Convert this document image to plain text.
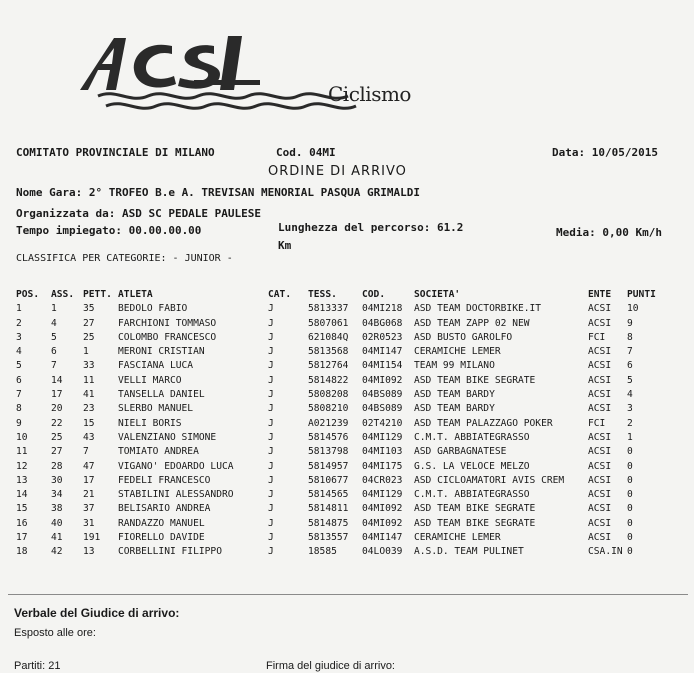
Ciclismo
COMITATO PROVINCIALE DI MILANO	Cod. 04MI	Data: 10/05/2015
ORDINE DI ARRIVO
Nome Gara: 2° TROFEO B.e A. TREVISAN MENORIAL PASQUA GRIMALDI
Organizzata da: ASD SC PEDALE PAULESE
Tempo impiegato: 00.00.00.00	Lunghezza del percorso: 61.2
Km
Media: 0,00 Km/h
CLASSIFICA PER CATEGORIE: - JUNIOR -
POS. ASS. PETT. ATLETA	CAT. TESS.	COD.	SOCIETA'	ENTE PUNTI
1	1	35 BEDOLO FABIO	J	5813337 04MI218 ASD TEAM DOCTORBIKE.IT	ACSI 10
2	4	27 FARCHIONI TOMMASO	J	5807061 04BG068 ASD TEAM ZAPP 02 NEW	ACSI 9
3	5	25 COLOMBO FRANCESCO	J	621084Q 02R0523 ASD BUSTO GAROLFO	FCI 8
4	6	1	MERONI CRISTIAN	J	5813568 04MI147 CERAMICHE LEMER	ACSI 7
5	7	33 FASCIANA LUCA	J	5812764 04MI154 TEAM 99 MILANO	ACSI 6
6	14 11 VELLI MARCO	J	5814822 04MI092 ASD TEAM BIKE SEGRATE	ACSI 5
7	17 41 TANSELLA DANIEL	J	5808208 04BS089 ASD TEAM BARDY	ACSI 4
8	20 23 SLERBO MANUEL	J	5808210 04BS089 ASD TEAM BARDY	ACSI 3
9	22 15 NIELI BORIS	J	A021239 02T4210 ASD TEAM PALAZZAGO POKER	FCI 2
10 25 43 VALENZIANO SIMONE	J	5814576 04MI129 C.M.T. ABBIATEGRASSO	ACSI 1
11 27 7	TOMIATO ANDREA	J	5813798 04MI103 ASD GARBAGNATESE	ACSI 0
12 28 47 VIGANO' EDOARDO LUCA	J	5814957 04MI175 G.S. LA VELOCE MELZO	ACSI 0
13 30 17 FEDELI FRANCESCO	J	5810677 04CR023 ASD CICLOAMATORI AVIS CREM ACSI 0
14 34 21 STABILINI ALESSANDRO	J	5814565 04MI129 C.M.T. ABBIATEGRASSO	ACSI 0
15 38 37 BELISARIO ANDREA	J	5814811 04MI092 ASD TEAM BIKE SEGRATE	ACSI 0
16 40 31 RANDAZZO MANUEL	J	5814875 04MI092 ASD TEAM BIKE SEGRATE	ACSI 0
17 41 191 FIORELLO DAVIDE	J	5813557 04MI147 CERAMICHE LEMER	ACSI 0
18 42 13 CORBELLINI FILIPPO	J	18585	04LO039 A.S.D. TEAM PULINET	CSA.IN 0
Verbale del Giudice di arrivo:
Esposto alle ore:
Partiti: 21	Firma del giudice di arrivo:
